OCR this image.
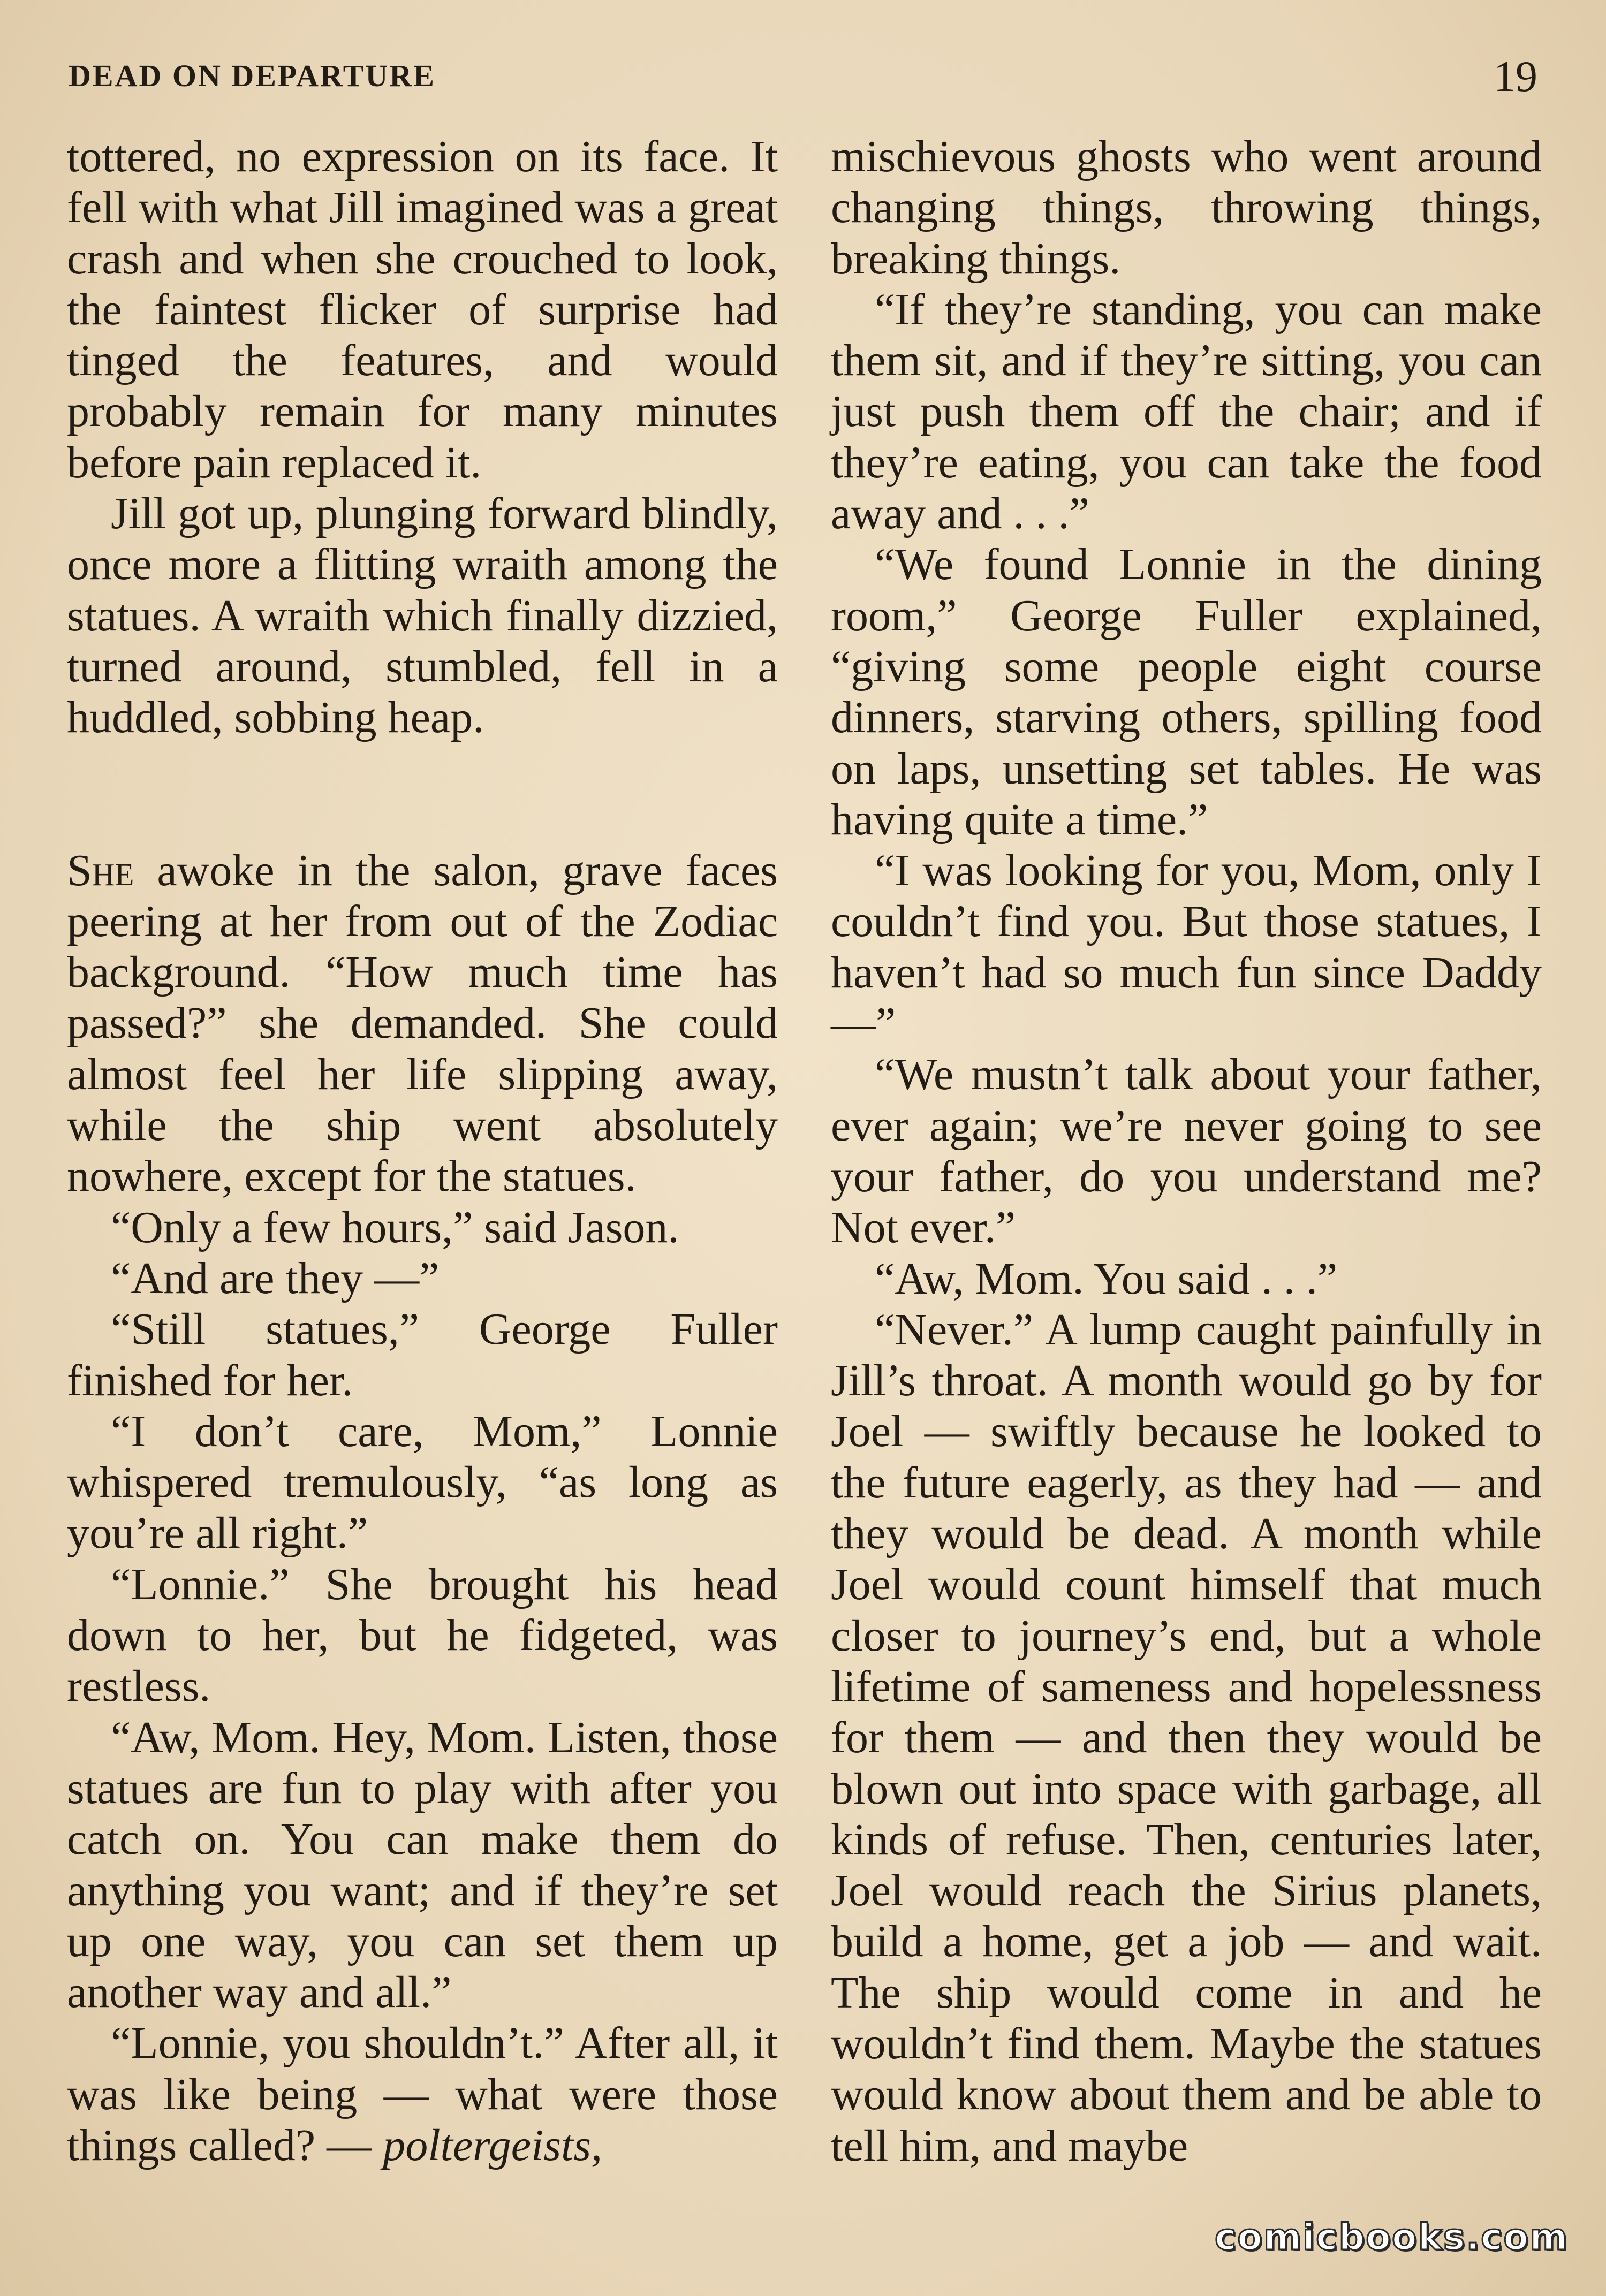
DEAD ON DEPARTURE	19

tottered, no expression on its face. It fell with what Jill imagined was a great crash and when she crouched to look, the faintest flicker of surprise had tinged the features, and would probably remain for many minutes before pain replaced it.

Jill got up, plunging forward blindly, once more a flitting wraith among the statues. A wraith which finally dizzied, turned around, stumbled, fell in a huddled, sobbing heap.

She awoke in the salon, grave faces peering at her from out of the Zodiac background. “How much time has passed?” she demanded. She could almost feel her life slipping away, while the ship went absolutely nowhere, except for the statues.

“Only a few hours,” said Jason.

“And are they —”

“Still statues,” George Fuller finished for her.

“I don’t care, Mom,” Lonnie whispered tremulously, “as long as you’re all right.”

“Lonnie.” She brought his head down to her, but he fidgeted, was restless.

“Aw, Mom. Hey, Mom. Listen, those statues are fun to play with after you catch on. You can make them do anything you want; and if they’re set up one way, you can set them up another way and all.”

“Lonnie, you shouldn’t.” After all, it was like being — what were those things called? — poltergeists,

mischievous ghosts who went around changing things, throwing things, breaking things.

“If they’re standing, you can make them sit, and if they’re sitting, you can just push them off the chair; and if they’re eating, you can take the food away and . . .”

“We found Lonnie in the dining room,” George Fuller explained, “giving some people eight course dinners, starving others, spilling food on laps, unsetting set tables. He was having quite a time.”

“I was looking for you, Mom, only I couldn’t find you. But those statues, I haven’t had so much fun since Daddy —”

“We mustn’t talk about your father, ever again; we’re never going to see your father, do you understand me? Not ever.”

“Aw, Mom. You said . . .”

“Never.” A lump caught painfully in Jill’s throat. A month would go by for Joel — swiftly because he looked to the future eagerly, as they had — and they would be dead. A month while Joel would count himself that much closer to journey’s end, but a whole lifetime of sameness and hopelessness for them — and then they would be blown out into space with garbage, all kinds of refuse. Then, centuries later, Joel would reach the Sirius planets, build a home, get a job — and wait. The ship would come in and he wouldn’t find them. Maybe the statues would know about them and be able to tell him, and maybe

comicbooks.com
